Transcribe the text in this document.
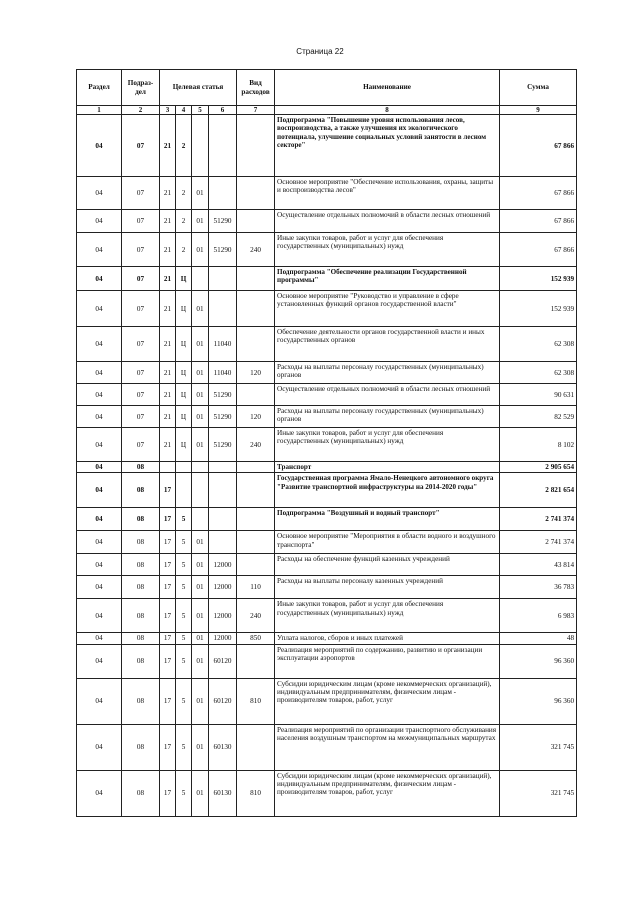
Страница 22
Раздел	Подраз-дел	Целевая статья				Вид расходов	Наименование	Сумма
1	2	3	4	5	6	7	8	9
04	07	21	2				Подпрограмма "Повышение уровня использования лесов, воспроизводства, а также улучшения их экологического потенциала, улучшение социальных условий занятости в лесном секторе"	67 866
04	07	21	2	01			Основное мероприятие "Обеспечение использования, охраны, защиты и воспроизводства лесов"	67 866
04	07	21	2	01	51290		Осуществление отдельных полномочий в области лесных отношений	67 866
04	07	21	2	01	51290	240	Иные закупки товаров, работ и услуг для обеспечения государственных (муниципальных) нужд	67 866
04	07	21	Ц				Подпрограмма "Обеспечение реализации Государственной программы"	152 939
04	07	21	Ц	01			Основное мероприятие "Руководство и управление в сфере установленных функций органов государственной власти"	152 939
04	07	21	Ц	01	11040		Обеспечение деятельности органов государственной власти и иных государственных органов	62 308
04	07	21	Ц	01	11040	120	Расходы на выплаты персоналу государственных (муниципальных) органов	62 308
04	07	21	Ц	01	51290		Осуществление отдельных полномочий в области лесных отношений	90 631
04	07	21	Ц	01	51290	120	Расходы на выплаты персоналу государственных (муниципальных) органов	82 529
04	07	21	Ц	01	51290	240	Иные закупки товаров, работ и услуг для обеспечения государственных (муниципальных) нужд	8 102
04	08						Транспорт	2 905 654
04	08	17					Государственная программа Ямало-Ненецкого автономного округа "Развитие транспортной инфраструктуры на 2014-2020 годы"	2 821 654
04	08	17	5				Подпрограмма "Воздушный и водный транспорт"	2 741 374
04	08	17	5	01			Основное мероприятие "Мероприятия в области водного и воздушного транспорта"	2 741 374
04	08	17	5	01	12000		Расходы на обеспечение функций казенных учреждений	43 814
04	08	17	5	01	12000	110	Расходы на выплаты персоналу казенных учреждений	36 783
04	08	17	5	01	12000	240	Иные закупки товаров, работ и услуг для обеспечения государственных (муниципальных) нужд	6 983
04	08	17	5	01	12000	850	Уплата налогов, сборов и иных платежей	48
04	08	17	5	01	60120		Реализация мероприятий по содержанию, развитию и организации эксплуатации аэропортов	96 360
04	08	17	5	01	60120	810	Субсидии юридическим лицам (кроме некоммерческих организаций), индивидуальным предпринимателям, физическим лицам - производителям товаров, работ, услуг	96 360
04	08	17	5	01	60130		Реализация мероприятий по организации транспортного обслуживания населения воздушным транспортом на межмуниципальных маршрутах	321 745
04	08	17	5	01	60130	810	Субсидии юридическим лицам (кроме некоммерческих организаций), индивидуальным предпринимателям, физическим лицам - производителям товаров, работ, услуг	321 745
